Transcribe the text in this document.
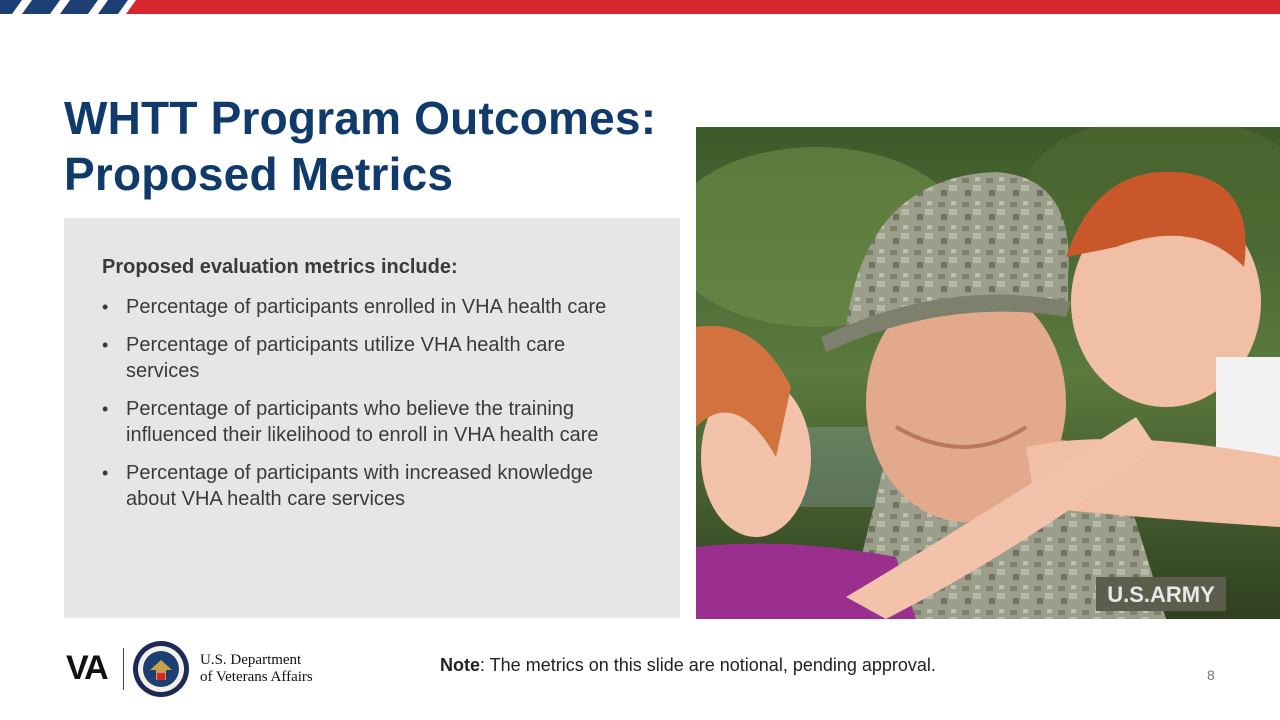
WHTT Program Outcomes:
Proposed Metrics

Proposed evaluation metrics include:

• Percentage of participants enrolled in VHA health care
• Percentage of participants utilize VHA health care services
• Percentage of participants who believe the training influenced their likelihood to enroll in VHA health care
• Percentage of participants with increased knowledge about VHA health care services
U.S.ARMY
VA	U.S. Department
of Veterans Affairs
Note: The metrics on this slide are notional, pending approval.	8
